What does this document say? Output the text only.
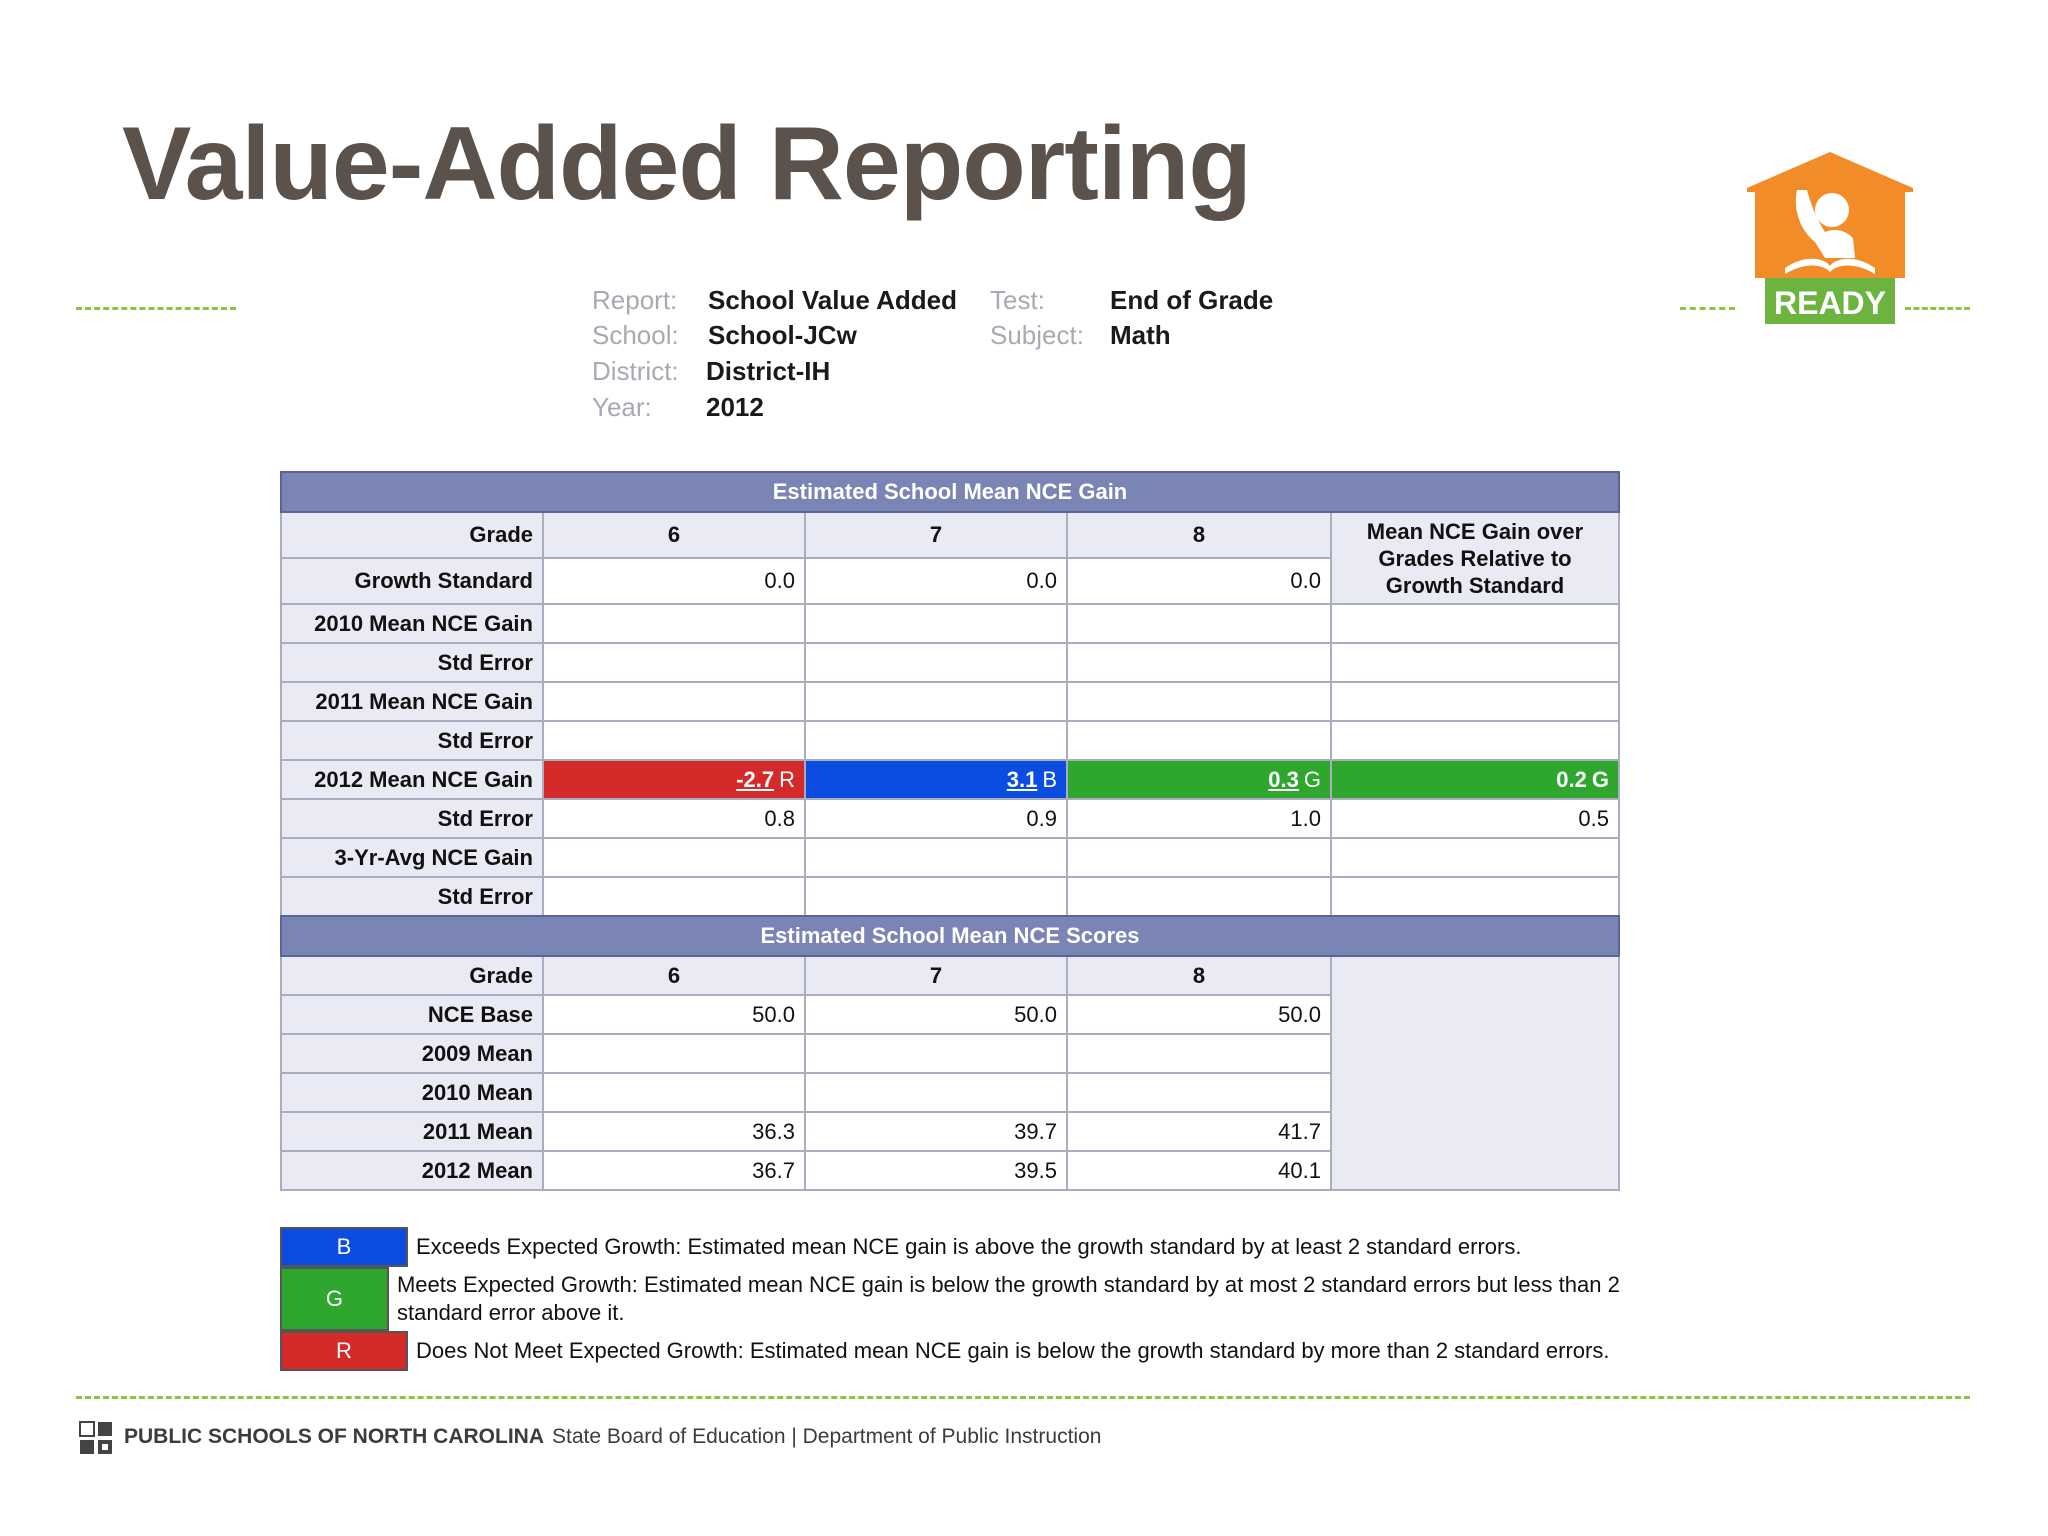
Value-Added Reporting
READY
Report: School Value Added
School: School-JCw
District: District-IH
Year: 2012
Test:	End of Grade
Subject: Math
Estimated School Mean NCE Gain				
Grade	6	7	8	Mean NCE Gain over Grades Relative to Growth Standard
Growth Standard	0.0	0.0	0.0	
2010 Mean NCE Gain				
Std Error				
2011 Mean NCE Gain				
Std Error				
2012 Mean NCE Gain	-2.7 R	3.1 B	0.3 G	0.2 G
Std Error	0.8	0.9	1.0	0.5
3-Yr-Avg NCE Gain				
Std Error				
Estimated School Mean NCE Scores				
Grade	6	7	8	
NCE Base	50.0	50.0	50.0	
2009 Mean				
2010 Mean				
2011 Mean	36.3	39.7	41.7	
2012 Mean	36.7	39.5	40.1	
B	Exceeds Expected Growth: Estimated mean NCE gain is above the growth standard by at least 2 standard errors.
G
Meets Expected Growth: Estimated mean NCE gain is below the growth standard by at most 2 standard errors but less than 2 standard error above it.
R	Does Not Meet Expected Growth: Estimated mean NCE gain is below the growth standard by more than 2 standard errors.
PUBLIC SCHOOLS OF NORTH CAROLINA State Board of Education | Department of Public Instruction
